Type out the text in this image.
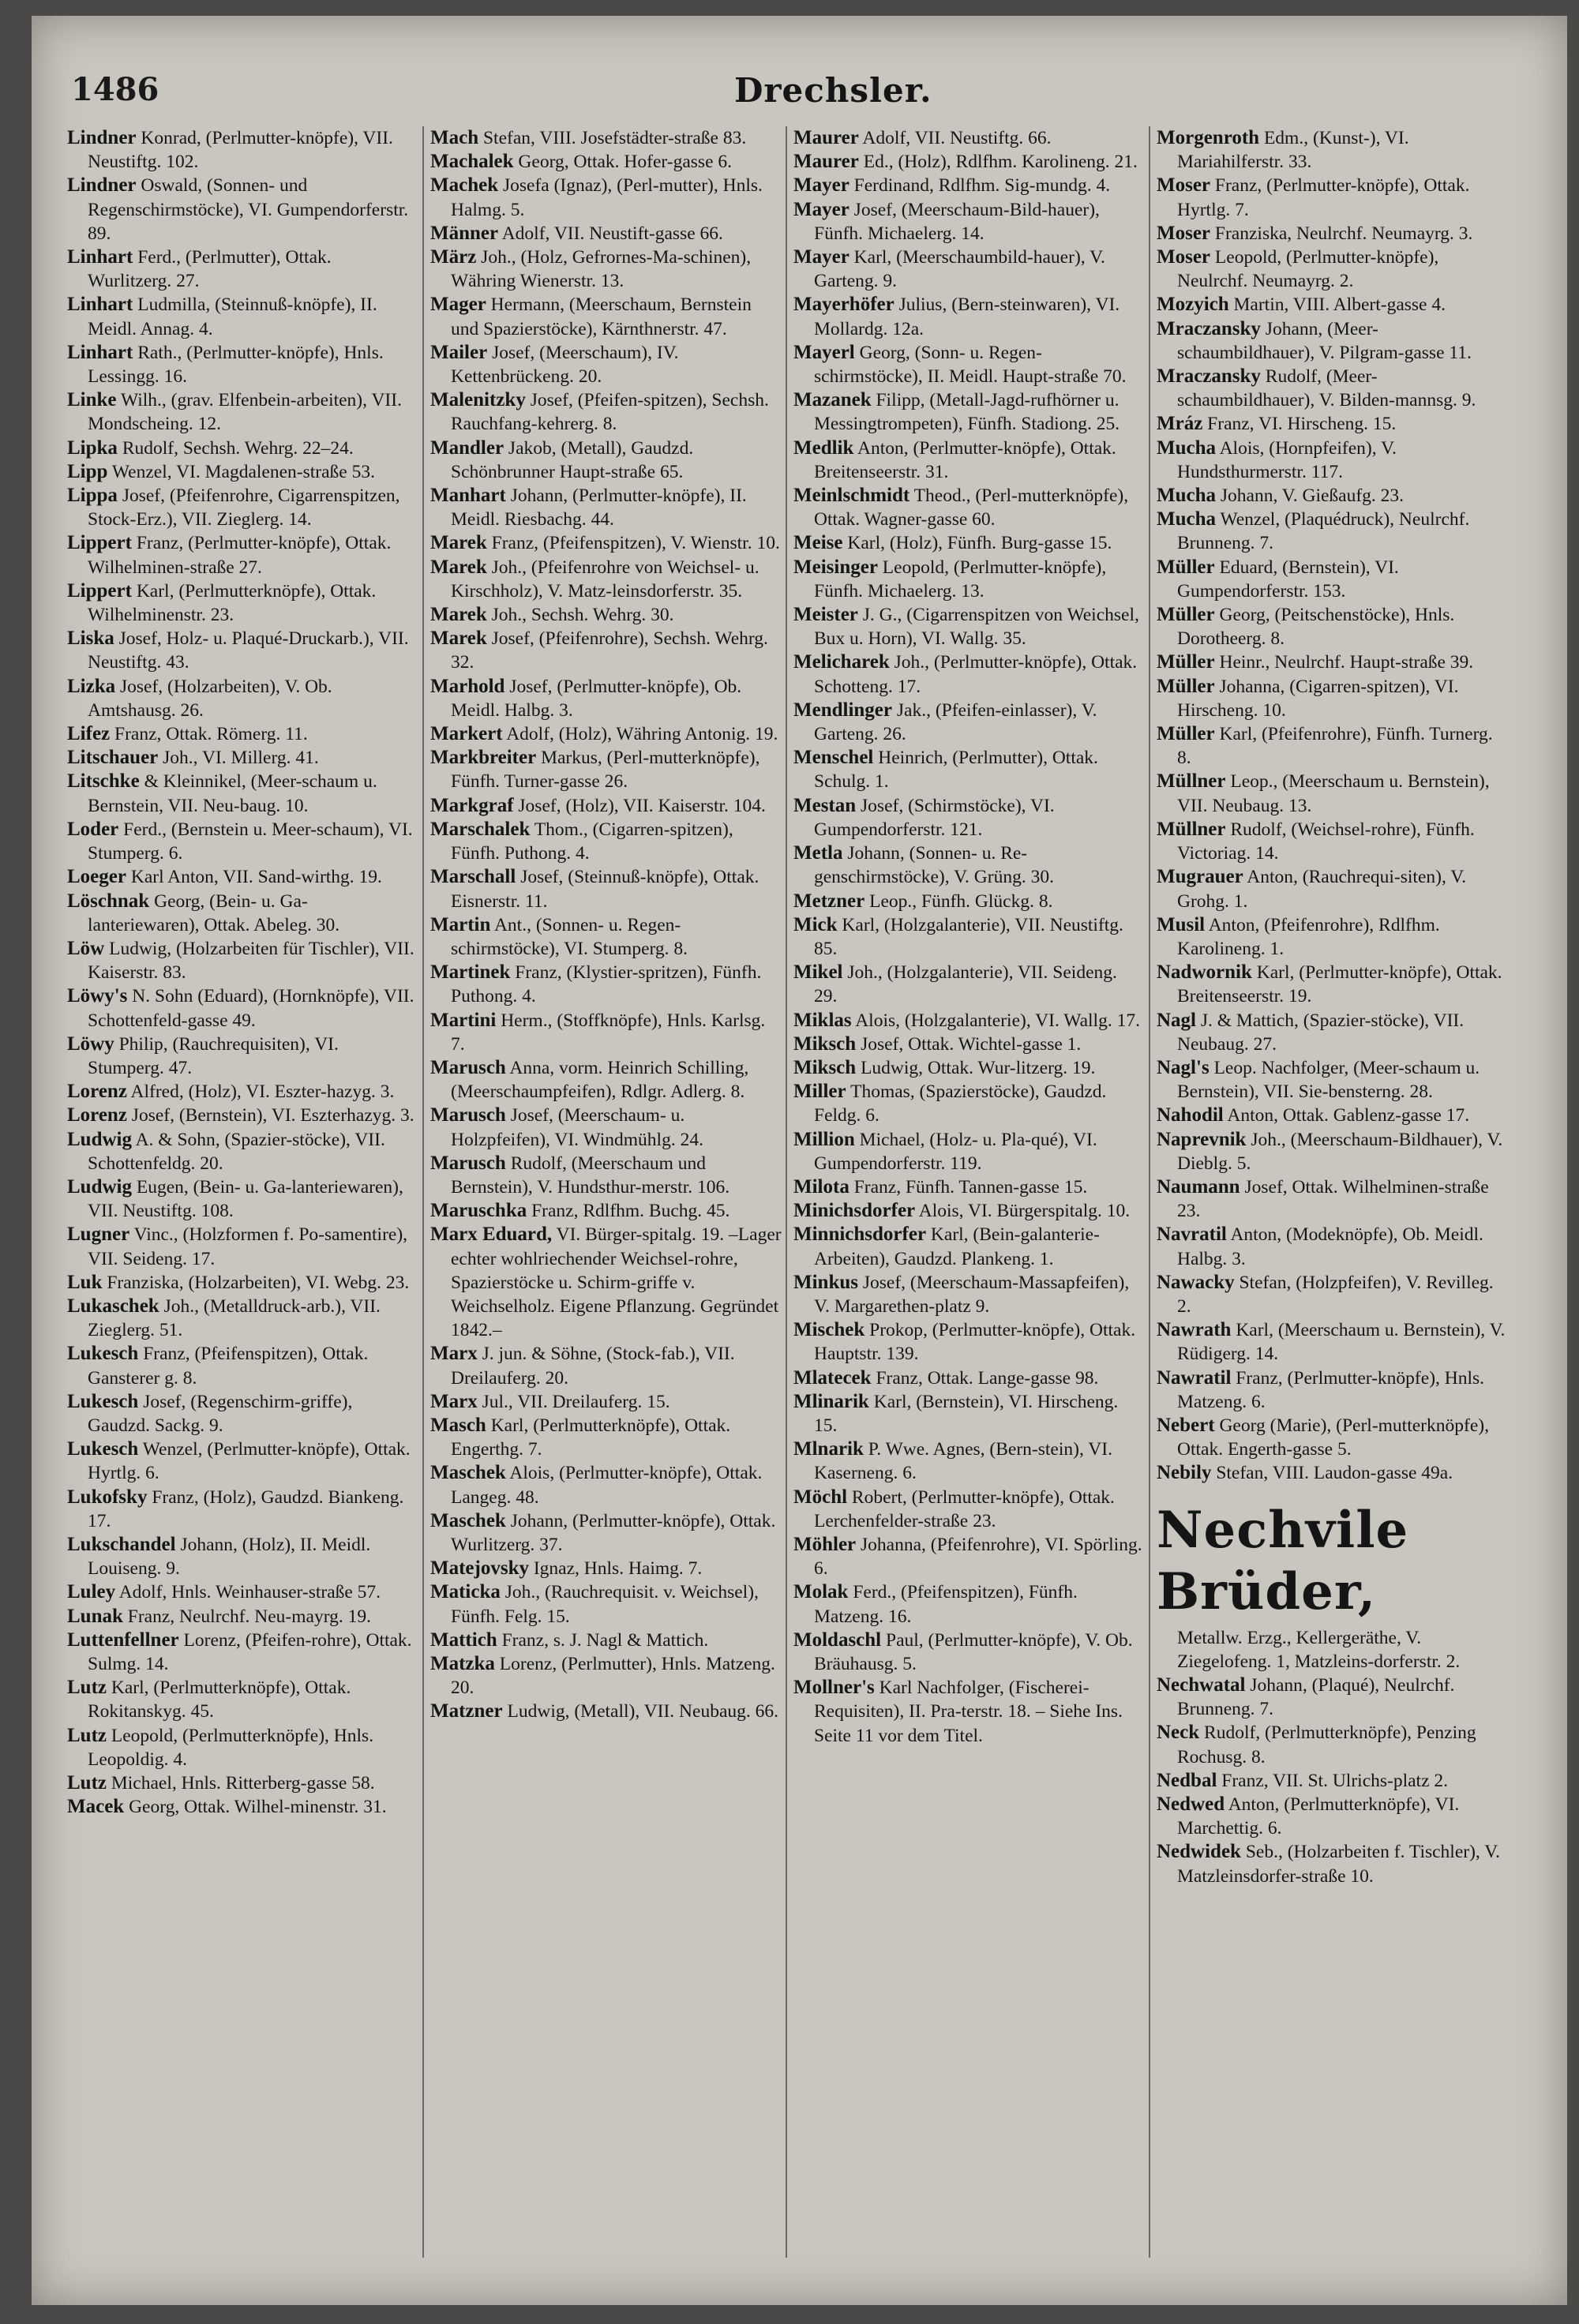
1486	Drechsler.

Lindner Konrad, (Perlmutter-knöpfe), VII. Neustiftg. 102.

Lindner Oswald, (Sonnen- und Regenschirmstöcke), VI. Gumpendorferstr. 89.

Linhart Ferd., (Perlmutter), Ottak. Wurlitzerg. 27.

Linhart Ludmilla, (Steinnuß-knöpfe), II. Meidl. Annag. 4.

Linhart Rath., (Perlmutter-knöpfe), Hnls. Lessingg. 16.

Linke Wilh., (grav. Elfenbein-arbeiten), VII. Mondscheing. 12.

Lipka Rudolf, Sechsh. Wehrg. 22–24.

Lipp Wenzel, VI. Magdalenen-straße 53.

Lippa Josef, (Pfeifenrohre, Cigarrenspitzen, Stock-Erz.), VII. Zieglerg. 14.

Lippert Franz, (Perlmutter-knöpfe), Ottak. Wilhelminen-straße 27.

Lippert Karl, (Perlmutterknöpfe), Ottak. Wilhelminenstr. 23.

Liska Josef, Holz- u. Plaqué-Druckarb.), VII. Neustiftg. 43.

Lizka Josef, (Holzarbeiten), V. Ob. Amtshausg. 26.

Lifez Franz, Ottak. Römerg. 11.

Litschauer Joh., VI. Millerg. 41.

Litschke & Kleinnikel, (Meer-schaum u. Bernstein, VII. Neu-baug. 10.

Loder Ferd., (Bernstein u. Meer-schaum), VI. Stumperg. 6.

Loeger Karl Anton, VII. Sand-wirthg. 19.

Löschnak Georg, (Bein- u. Ga-lanteriewaren), Ottak. Abeleg. 30.

Löw Ludwig, (Holzarbeiten für Tischler), VII. Kaiserstr. 83.

Löwy's N. Sohn (Eduard), (Hornknöpfe), VII. Schottenfeld-gasse 49.

Löwy Philip, (Rauchrequisiten), VI. Stumperg. 47.

Lorenz Alfred, (Holz), VI. Eszter-hazyg. 3.

Lorenz Josef, (Bernstein), VI. Eszterhazyg. 3.

Ludwig A. & Sohn, (Spazier-stöcke), VII. Schottenfeldg. 20.

Ludwig Eugen, (Bein- u. Ga-lanteriewaren), VII. Neustiftg. 108.

Lugner Vinc., (Holzformen f. Po-samentire), VII. Seideng. 17.

Luk Franziska, (Holzarbeiten), VI. Webg. 23.

Lukaschek Joh., (Metalldruck-arb.), VII. Zieglerg. 51.

Lukesch Franz, (Pfeifenspitzen), Ottak. Gansterer g. 8.

Lukesch Josef, (Regenschirm-griffe), Gaudzd. Sackg. 9.

Lukesch Wenzel, (Perlmutter-knöpfe), Ottak. Hyrtlg. 6.

Lukofsky Franz, (Holz), Gaudzd. Biankeng. 17.

Lukschandel Johann, (Holz), II. Meidl. Louiseng. 9.

Luley Adolf, Hnls. Weinhauser-straße 57.

Lunak Franz, Neulrchf. Neu-mayrg. 19.

Luttenfellner Lorenz, (Pfeifen-rohre), Ottak. Sulmg. 14.

Lutz Karl, (Perlmutterknöpfe), Ottak. Rokitanskyg. 45.

Lutz Leopold, (Perlmutterknöpfe), Hnls. Leopoldig. 4.

Lutz Michael, Hnls. Ritterberg-gasse 58.

Macek Georg, Ottak. Wilhel-minenstr. 31.

Mach Stefan, VIII. Josefstädter-straße 83.

Machalek Georg, Ottak. Hofer-gasse 6.

Machek Josefa (Ignaz), (Perl-mutter), Hnls. Halmg. 5.

Männer Adolf, VII. Neustift-gasse 66.

März Joh., (Holz, Gefrornes-Ma-schinen), Währing Wienerstr. 13.

Mager Hermann, (Meerschaum, Bernstein und Spazierstöcke), Kärnthnerstr. 47.

Mailer Josef, (Meerschaum), IV. Kettenbrückeng. 20.

Malenitzky Josef, (Pfeifen-spitzen), Sechsh. Rauchfang-kehrerg. 8.

Mandler Jakob, (Metall), Gaudzd. Schönbrunner Haupt-straße 65.

Manhart Johann, (Perlmutter-knöpfe), II. Meidl. Riesbachg. 44.

Marek Franz, (Pfeifenspitzen), V. Wienstr. 10.

Marek Joh., (Pfeifenrohre von Weichsel- u. Kirschholz), V. Matz-leinsdorferstr. 35.

Marek Joh., Sechsh. Wehrg. 30.

Marek Josef, (Pfeifenrohre), Sechsh. Wehrg. 32.

Marhold Josef, (Perlmutter-knöpfe), Ob. Meidl. Halbg. 3.

Markert Adolf, (Holz), Währing Antonig. 19.

Markbreiter Markus, (Perl-mutterknöpfe), Fünfh. Turner-gasse 26.

Markgraf Josef, (Holz), VII. Kaiserstr. 104.

Marschalek Thom., (Cigarren-spitzen), Fünfh. Puthong. 4.

Marschall Josef, (Steinnuß-knöpfe), Ottak. Eisnerstr. 11.

Martin Ant., (Sonnen- u. Regen-schirmstöcke), VI. Stumperg. 8.

Martinek Franz, (Klystier-spritzen), Fünfh. Puthong. 4.

Martini Herm., (Stoffknöpfe), Hnls. Karlsg. 7.

Marusch Anna, vorm. Heinrich Schilling, (Meerschaumpfeifen), Rdlgr. Adlerg. 8.

Marusch Josef, (Meerschaum- u. Holzpfeifen), VI. Windmühlg. 24.

Marusch Rudolf, (Meerschaum und Bernstein), V. Hundsthur-merstr. 106.

Maruschka Franz, Rdlfhm. Buchg. 45.

Marx Eduard, VI. Bürger-spitalg. 19. –Lager echter wohlriechender Weichsel-rohre, Spazierstöcke u. Schirm-griffe v. Weichselholz. Eigene Pflanzung. Gegründet 1842.–

Marx J. jun. & Söhne, (Stock-fab.), VII. Dreilauferg. 20.

Marx Jul., VII. Dreilauferg. 15.

Masch Karl, (Perlmutterknöpfe), Ottak. Engerthg. 7.

Maschek Alois, (Perlmutter-knöpfe), Ottak. Langeg. 48.

Maschek Johann, (Perlmutter-knöpfe), Ottak. Wurlitzerg. 37.

Matejovsky Ignaz, Hnls. Haimg. 7.

Maticka Joh., (Rauchrequisit. v. Weichsel), Fünfh. Felg. 15.

Mattich Franz, s. J. Nagl & Mattich.

Matzka Lorenz, (Perlmutter), Hnls. Matzeng. 20.

Matzner Ludwig, (Metall), VII. Neubaug. 66.

Maurer Adolf, VII. Neustiftg. 66.

Maurer Ed., (Holz), Rdlfhm. Karolineng. 21.

Mayer Ferdinand, Rdlfhm. Sig-mundg. 4.

Mayer Josef, (Meerschaum-Bild-hauer), Fünfh. Michaelerg. 14.

Mayer Karl, (Meerschaumbild-hauer), V. Garteng. 9.

Mayerhöfer Julius, (Bern-steinwaren), VI. Mollardg. 12a.

Mayerl Georg, (Sonn- u. Regen-schirmstöcke), II. Meidl. Haupt-straße 70.

Mazanek Filipp, (Metall-Jagd-rufhörner u. Messingtrompeten), Fünfh. Stadiong. 25.

Medlik Anton, (Perlmutter-knöpfe), Ottak. Breitenseerstr. 31.

Meinlschmidt Theod., (Perl-mutterknöpfe), Ottak. Wagner-gasse 60.

Meise Karl, (Holz), Fünfh. Burg-gasse 15.

Meisinger Leopold, (Perlmutter-knöpfe), Fünfh. Michaelerg. 13.

Meister J. G., (Cigarrenspitzen von Weichsel, Bux u. Horn), VI. Wallg. 35.

Melicharek Joh., (Perlmutter-knöpfe), Ottak. Schotteng. 17.

Mendlinger Jak., (Pfeifen-einlasser), V. Garteng. 26.

Menschel Heinrich, (Perlmutter), Ottak. Schulg. 1.

Mestan Josef, (Schirmstöcke), VI. Gumpendorferstr. 121.

Metla Johann, (Sonnen- u. Re-genschirmstöcke), V. Grüng. 30.

Metzner Leop., Fünfh. Glückg. 8.

Mick Karl, (Holzgalanterie), VII. Neustiftg. 85.

Mikel Joh., (Holzgalanterie), VII. Seideng. 29.

Miklas Alois, (Holzgalanterie), VI. Wallg. 17.

Miksch Josef, Ottak. Wichtel-gasse 1.

Miksch Ludwig, Ottak. Wur-litzerg. 19.

Miller Thomas, (Spazierstöcke), Gaudzd. Feldg. 6.

Million Michael, (Holz- u. Pla-qué), VI. Gumpendorferstr. 119.

Milota Franz, Fünfh. Tannen-gasse 15.

Minichsdorfer Alois, VI. Bürgerspitalg. 10.

Minnichsdorfer Karl, (Bein-galanterie-Arbeiten), Gaudzd. Plankeng. 1.

Minkus Josef, (Meerschaum-Massapfeifen), V. Margarethen-platz 9.

Mischek Prokop, (Perlmutter-knöpfe), Ottak. Hauptstr. 139.

Mlatecek Franz, Ottak. Lange-gasse 98.

Mlinarik Karl, (Bernstein), VI. Hirscheng. 15.

Mlnarik P. Wwe. Agnes, (Bern-stein), VI. Kaserneng. 6.

Möchl Robert, (Perlmutter-knöpfe), Ottak. Lerchenfelder-straße 23.

Möhler Johanna, (Pfeifenrohre), VI. Spörling. 6.

Molak Ferd., (Pfeifenspitzen), Fünfh. Matzeng. 16.

Moldaschl Paul, (Perlmutter-knöpfe), V. Ob. Bräuhausg. 5.

Mollner's Karl Nachfolger, (Fischerei-Requisiten), II. Pra-terstr. 18. – Siehe Ins. Seite 11 vor dem Titel.

Morgenroth Edm., (Kunst-), VI. Mariahilferstr. 33.

Moser Franz, (Perlmutter-knöpfe), Ottak. Hyrtlg. 7.

Moser Franziska, Neulrchf. Neumayrg. 3.

Moser Leopold, (Perlmutter-knöpfe), Neulrchf. Neumayrg. 2.

Mozyich Martin, VIII. Albert-gasse 4.

Mraczansky Johann, (Meer-schaumbildhauer), V. Pilgram-gasse 11.

Mraczansky Rudolf, (Meer-schaumbildhauer), V. Bilden-mannsg. 9.

Mráz Franz, VI. Hirscheng. 15.

Mucha Alois, (Hornpfeifen), V. Hundsthurmerstr. 117.

Mucha Johann, V. Gießaufg. 23.

Mucha Wenzel, (Plaquédruck), Neulrchf. Brunneng. 7.

Müller Eduard, (Bernstein), VI. Gumpendorferstr. 153.

Müller Georg, (Peitschenstöcke), Hnls. Dorotheerg. 8.

Müller Heinr., Neulrchf. Haupt-straße 39.

Müller Johanna, (Cigarren-spitzen), VI. Hirscheng. 10.

Müller Karl, (Pfeifenrohre), Fünfh. Turnerg. 8.

Müllner Leop., (Meerschaum u. Bernstein), VII. Neubaug. 13.

Müllner Rudolf, (Weichsel-rohre), Fünfh. Victoriag. 14.

Mugrauer Anton, (Rauchrequi-siten), V. Grohg. 1.

Musil Anton, (Pfeifenrohre), Rdlfhm. Karolineng. 1.

Nadwornik Karl, (Perlmutter-knöpfe), Ottak. Breitenseerstr. 19.

Nagl J. & Mattich, (Spazier-stöcke), VII. Neubaug. 27.

Nagl's Leop. Nachfolger, (Meer-schaum u. Bernstein), VII. Sie-bensterng. 28.

Nahodil Anton, Ottak. Gablenz-gasse 17.

Naprevnik Joh., (Meerschaum-Bildhauer), V. Dieblg. 5.

Naumann Josef, Ottak. Wilhelminen-straße 23.

Navratil Anton, (Modeknöpfe), Ob. Meidl. Halbg. 3.

Nawacky Stefan, (Holzpfeifen), V. Revilleg. 2.

Nawrath Karl, (Meerschaum u. Bernstein), V. Rüdigerg. 14.

Nawratil Franz, (Perlmutter-knöpfe), Hnls. Matzeng. 6.

Nebert Georg (Marie), (Perl-mutterknöpfe), Ottak. Engerth-gasse 5.

Nebily Stefan, VIII. Laudon-gasse 49a.

Nechvile Brüder,
Metallw. Erzg., Kellergeräthe, V. Ziegelofeng. 1, Matzleins-dorferstr. 2.

Nechwatal Johann, (Plaqué), Neulrchf. Brunneng. 7.

Neck Rudolf, (Perlmutterknöpfe), Penzing Rochusg. 8.

Nedbal Franz, VII. St. Ulrichs-platz 2.

Nedwed Anton, (Perlmutterknöpfe), VI. Marchettig. 6.

Nedwidek Seb., (Holzarbeiten f. Tischler), V. Matzleinsdorfer-straße 10.
